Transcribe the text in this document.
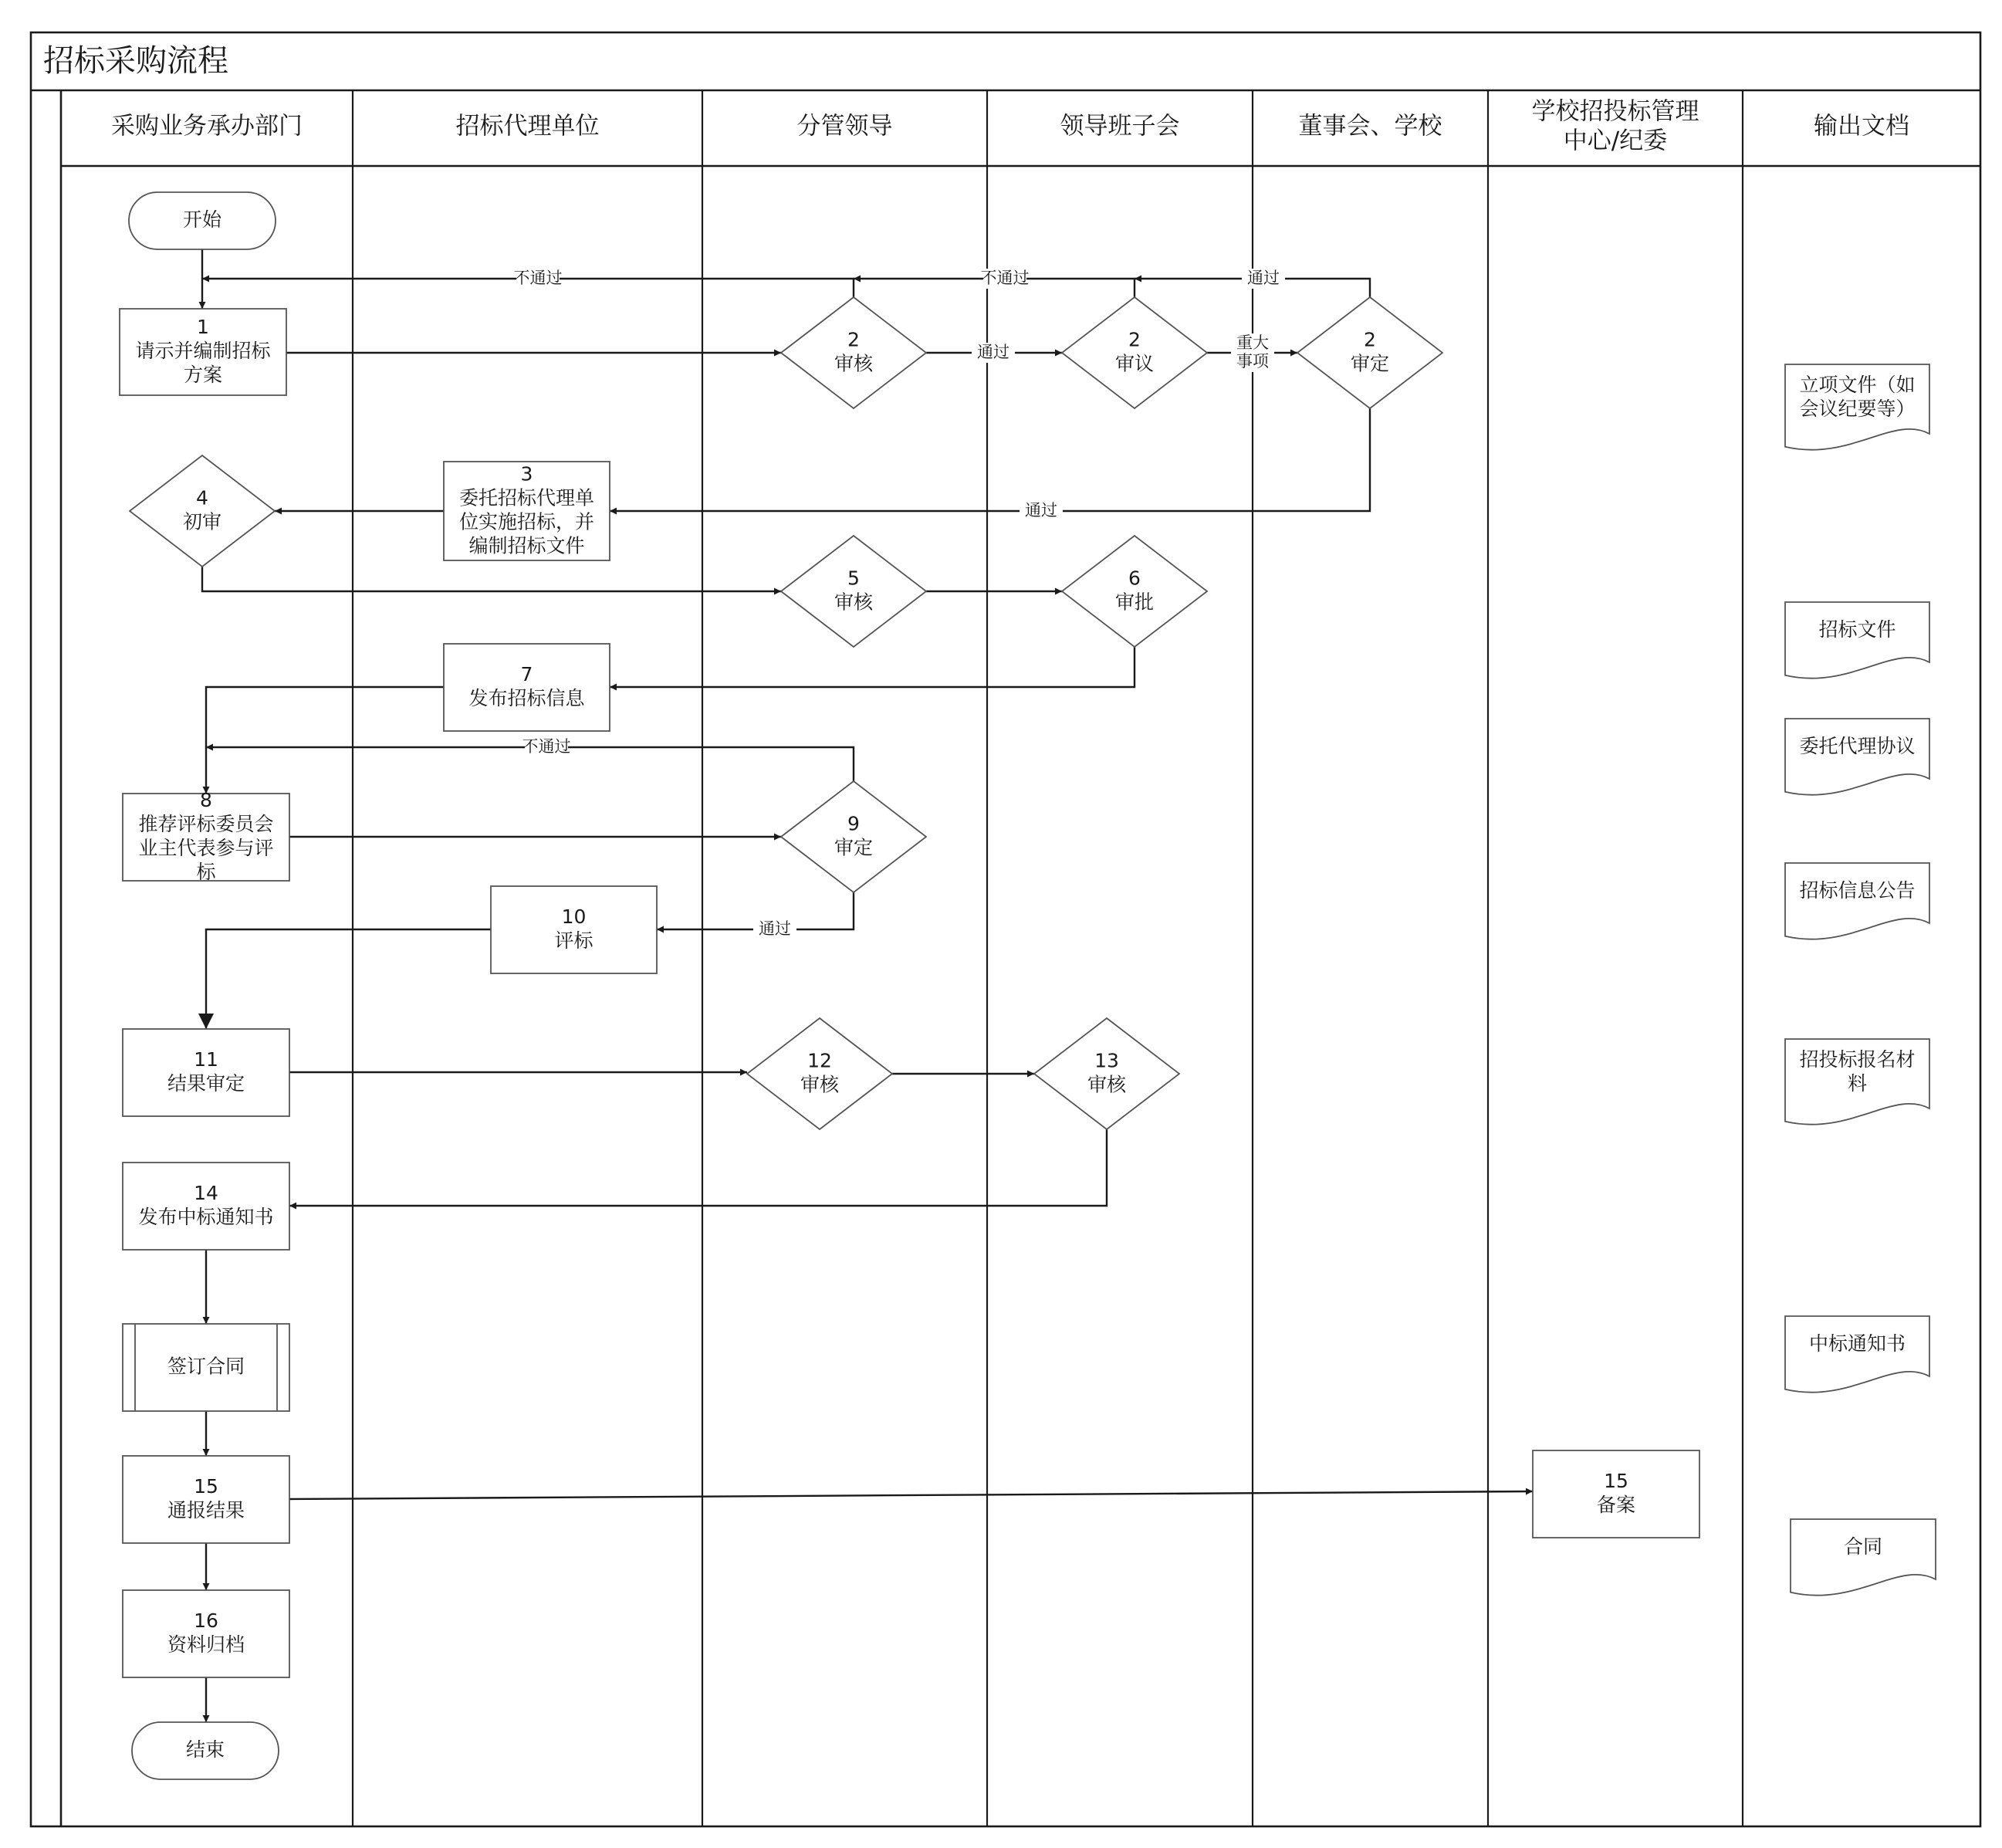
招标采购流程
采购业务承办部门	招标代理单位	分管领导	领导班子会	董事会、学校
学校招投标管理
中心/纪委
输出文档
开始
1
请示并编制招标
方案
2
审核
2
审议
2
审定
3
委托招标代理单
位实施招标，并
编制招标文件
4
初审
5
审核
6
审批
7
发布招标信息
8
推荐评标委员会
业主代表参与评
标
9
审定
10
评标
11
结果审定
12
审核
13
审核
14
发布中标通知书
签订合同
15
通报结果
15
备案
16
资料归档
结束
立项文件（如
会议纪要等）
招标文件
委托代理协议
招标信息公告
招投标报名材
料
中标通知书
合同
通过	重大
事项
不通过	不通过	通过
通过
不通过
通过
